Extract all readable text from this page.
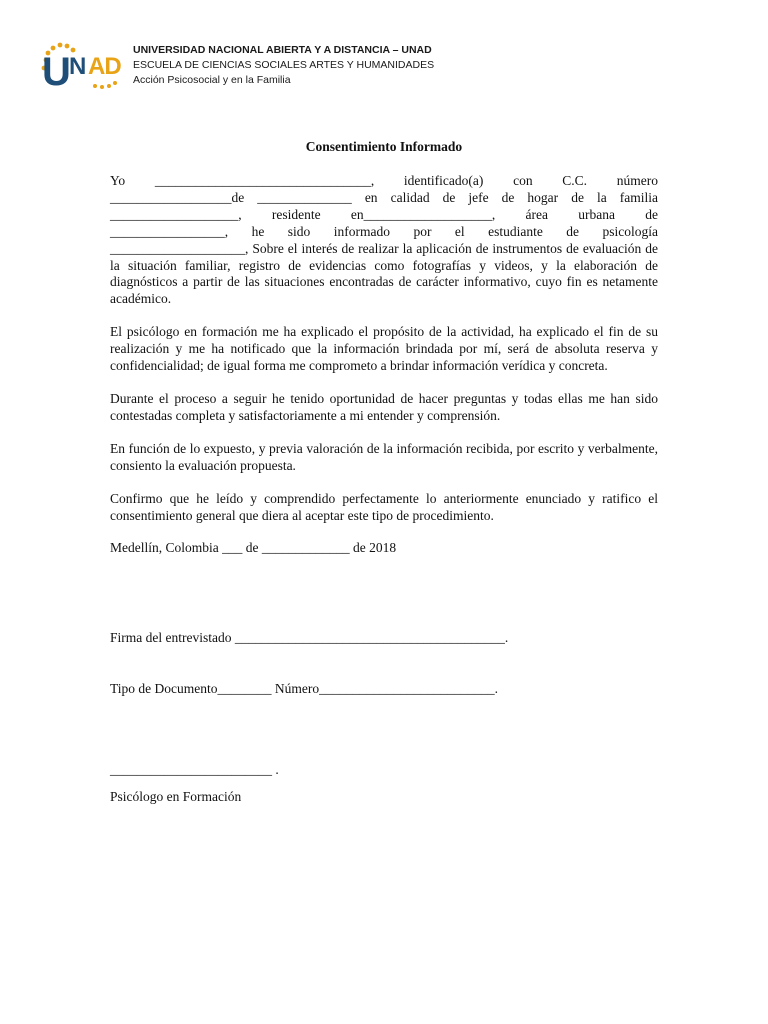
U N AD
UNIVERSIDAD NACIONAL ABIERTA Y A DISTANCIA – UNAD
ESCUELA DE CIENCIAS SOCIALES ARTES Y HUMANIDADES
Acción Psicosocial y en la Familia
Consentimiento Informado

Yo ________________________________, identificado(a) con C.C. número
__________________de ______________ en calidad de jefe de hogar de la familia
___________________, residente en___________________, área urbana de
_________________, he sido informado por el estudiante de psicología
____________________, Sobre el interés de realizar la aplicación de instrumentos de evaluación de la situación familiar, registro de evidencias como fotografías y videos, y la elaboración de diagnósticos a partir de las situaciones encontradas de carácter informativo, cuyo fin es netamente académico.

El psicólogo en formación me ha explicado el propósito de la actividad, ha explicado el fin de su realización y me ha notificado que la información brindada por mí, será de absoluta reserva y confidencialidad; de igual forma me comprometo a brindar información verídica y concreta.

Durante el proceso a seguir he tenido oportunidad de hacer preguntas y todas ellas me han sido contestadas completa y satisfactoriamente a mi entender y comprensión.

En función de lo expuesto, y previa valoración de la información recibida, por escrito y verbalmente, consiento la evaluación propuesta.

Confirmo que he leído y comprendido perfectamente lo anteriormente enunciado y ratifico el consentimiento general que diera al aceptar este tipo de procedimiento.

Medellín, Colombia ___ de _____________ de 2018

Firma del entrevistado ________________________________________.
Tipo de Documento________ Número__________________________.
________________________ .
Psicólogo en Formación
